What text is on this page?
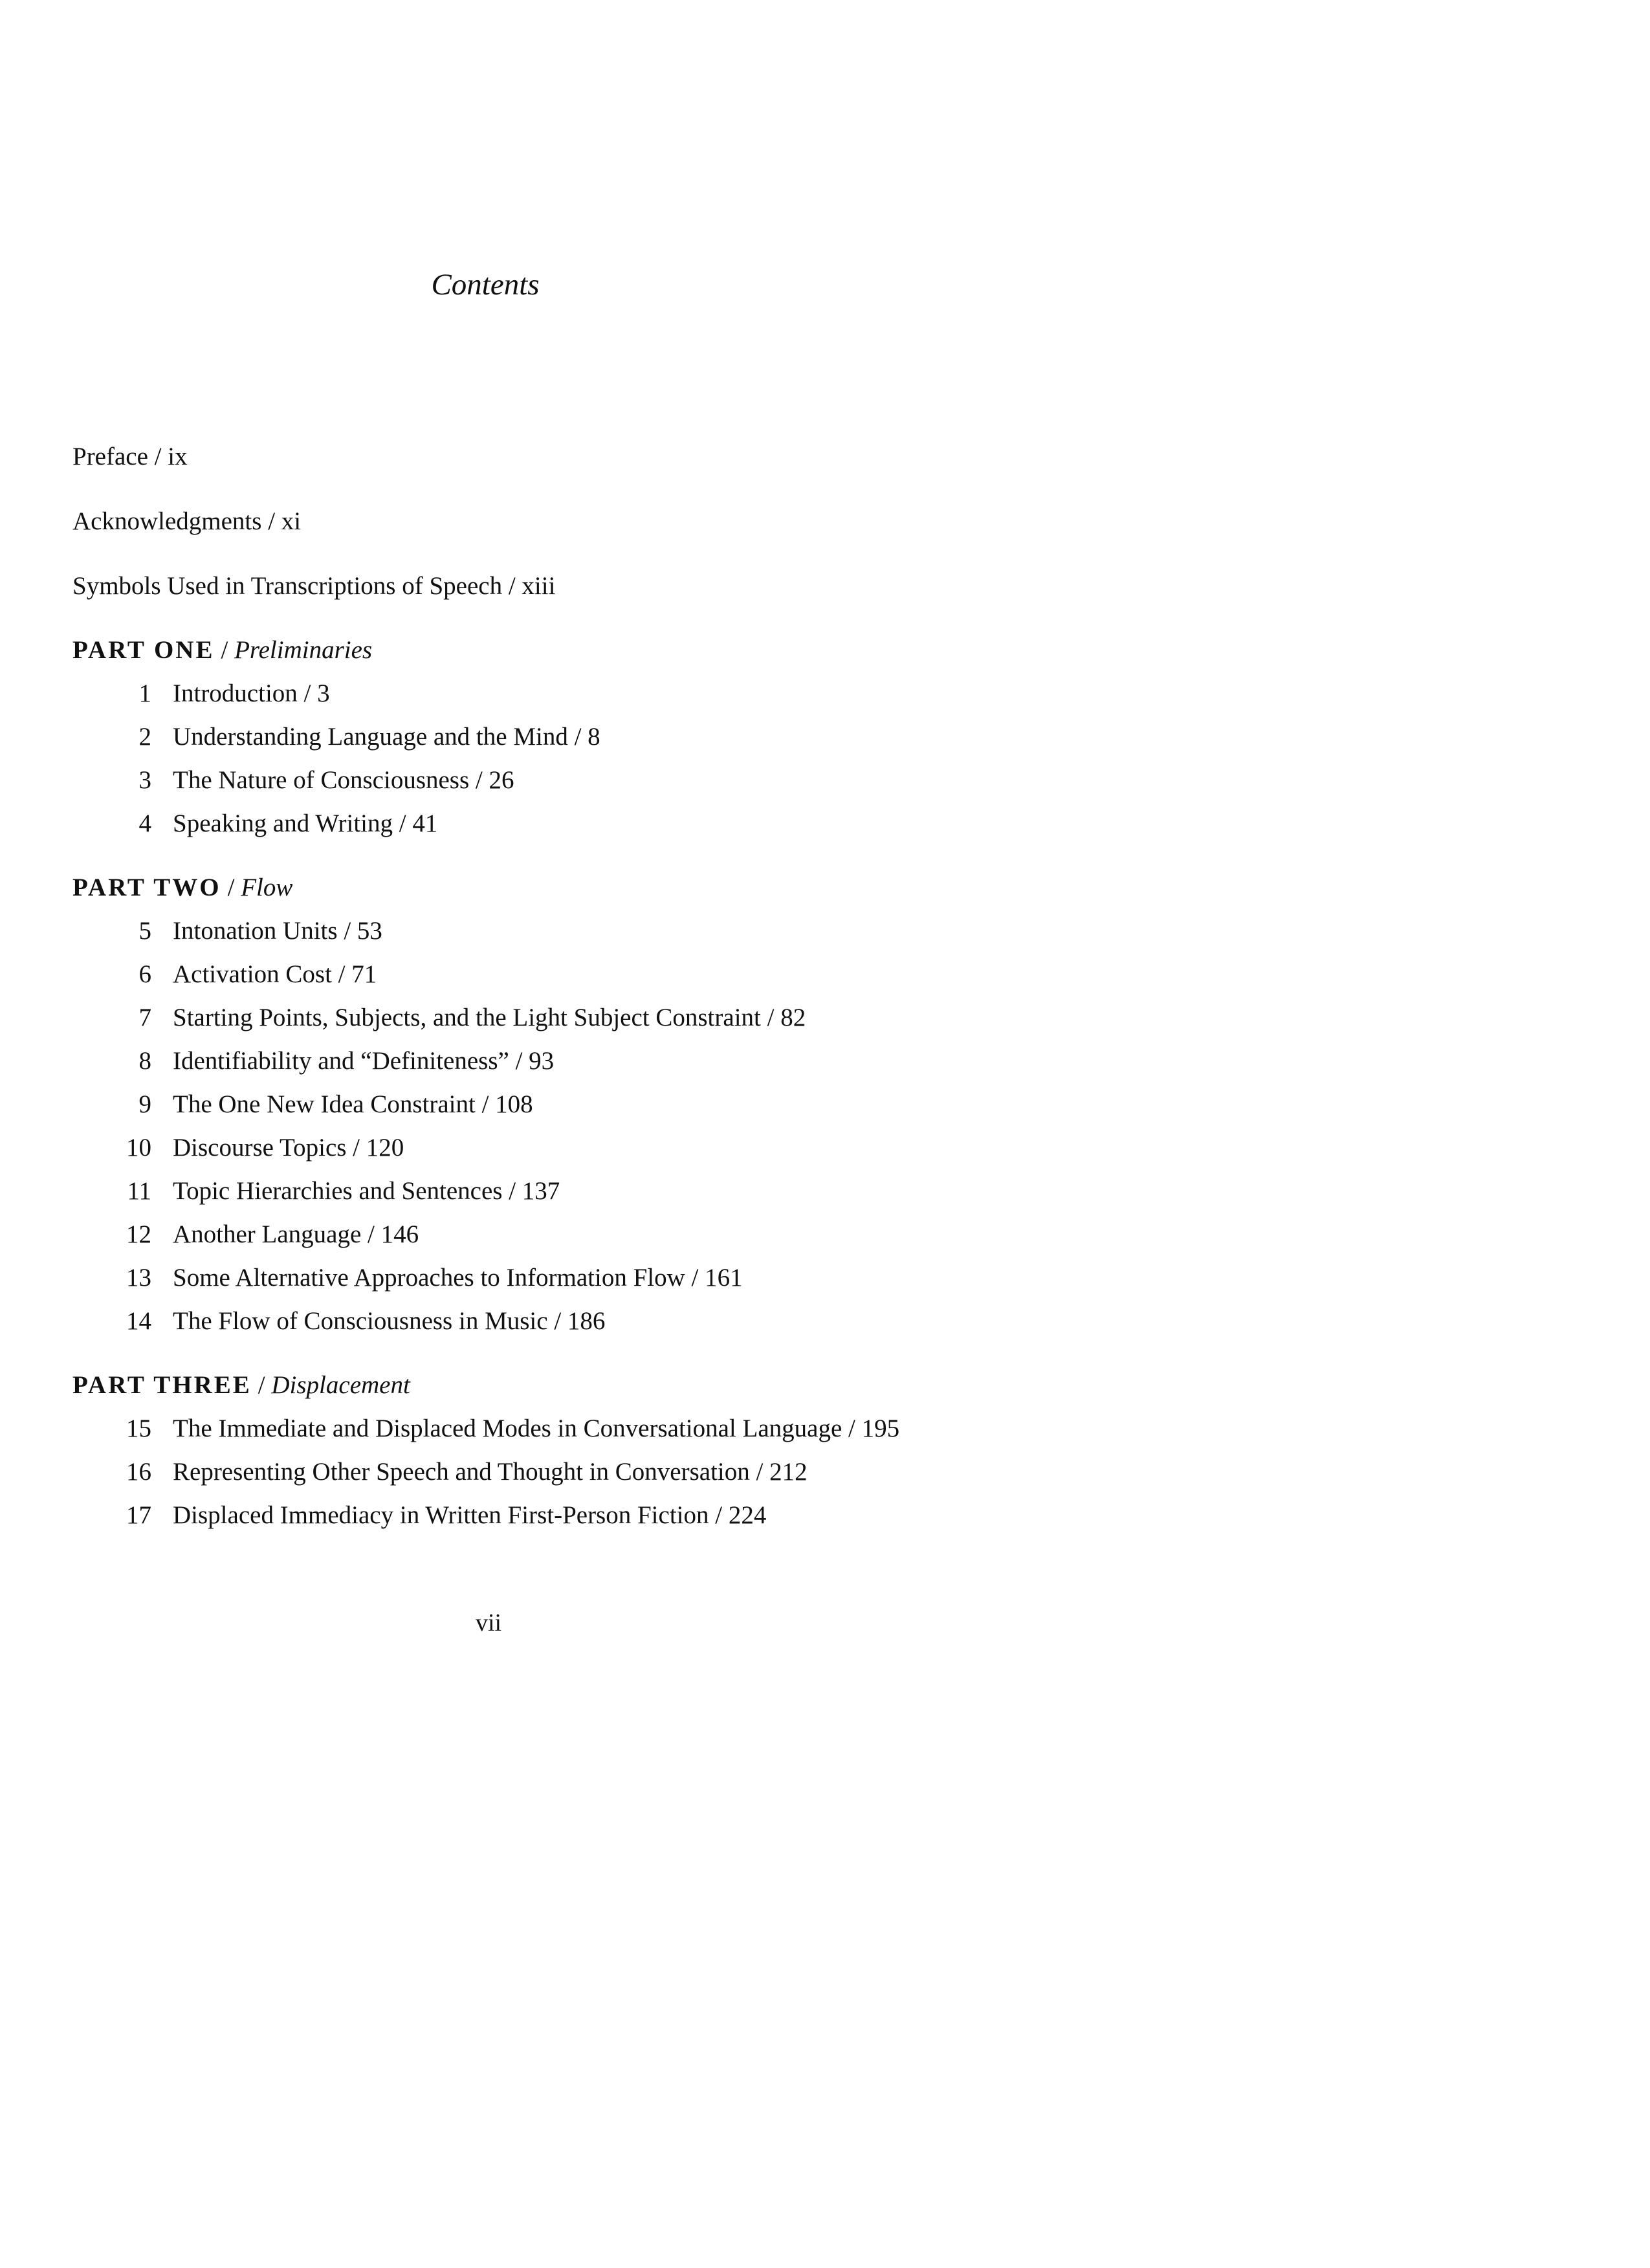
Contents
Preface / ix
Acknowledgments / xi
Symbols Used in Transcriptions of Speech / xiii
PART ONE / Preliminaries
1 Introduction / 3
2 Understanding Language and the Mind / 8
3 The Nature of Consciousness / 26
4 Speaking and Writing / 41
PART TWO / Flow
5 Intonation Units / 53
6 Activation Cost / 71
7 Starting Points, Subjects, and the Light Subject Constraint / 82
8 Identifiability and “Definiteness” / 93
9 The One New Idea Constraint / 108
10 Discourse Topics / 120
11 Topic Hierarchies and Sentences / 137
12 Another Language / 146
13 Some Alternative Approaches to Information Flow / 161
14 The Flow of Consciousness in Music / 186
PART THREE / Displacement
15 The Immediate and Displaced Modes in Conversational Language / 195
16 Representing Other Speech and Thought in Conversation / 212
17 Displaced Immediacy in Written First-Person Fiction / 224
vii
